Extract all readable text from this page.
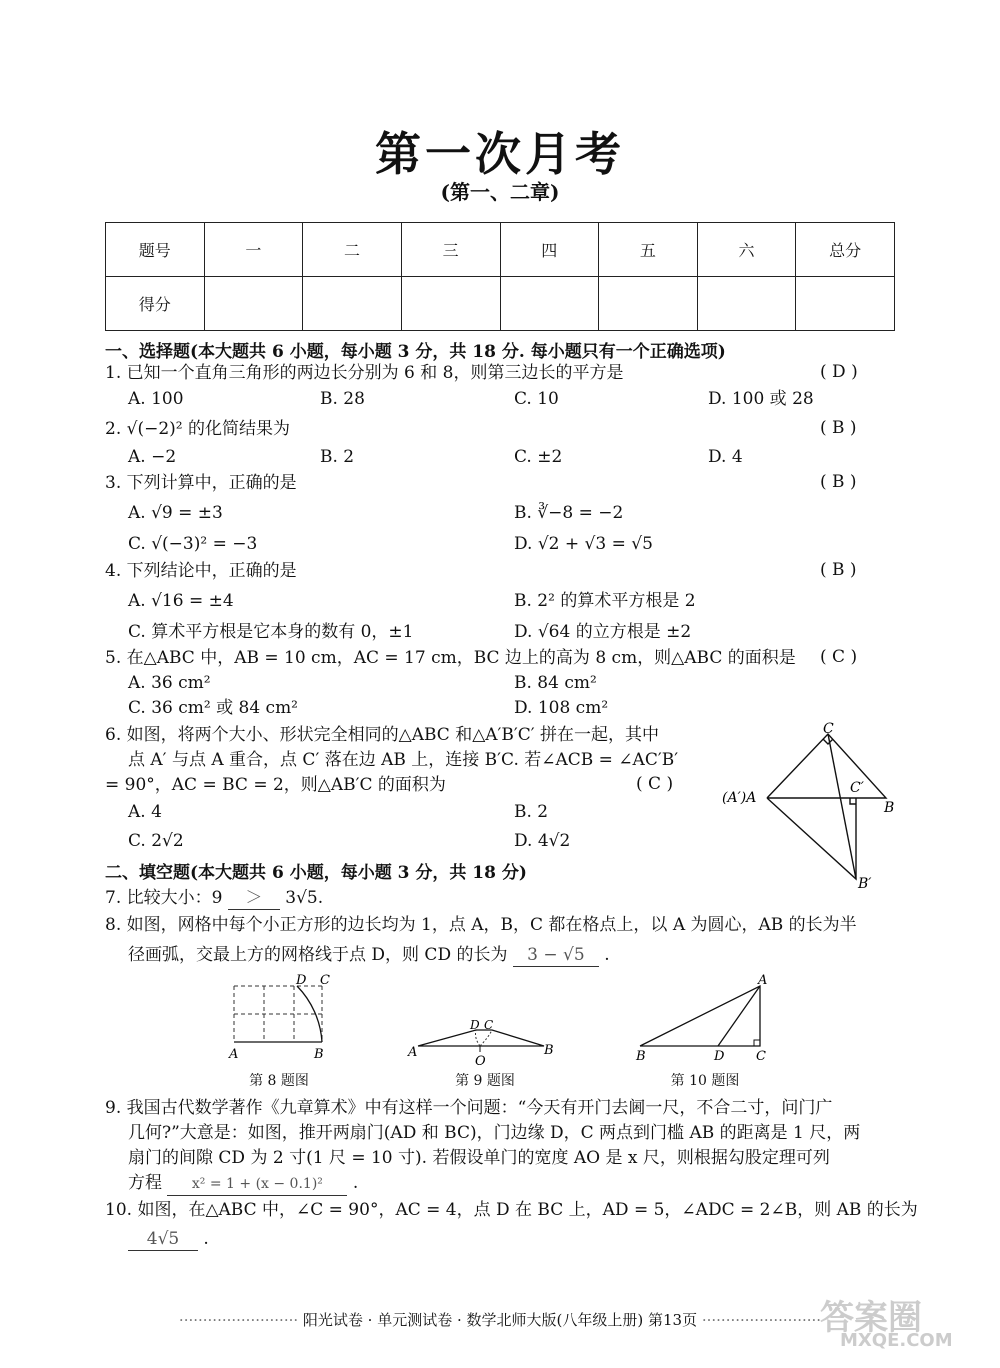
第一次月考
(第一、二章)
题号	一	二	三	四	五	六	总分
得分							
一、选择题(本大题共 6 小题，每小题 3 分，共 18 分. 每小题只有一个正确选项)
1. 已知一个直角三角形的两边长分别为 6 和 8，则第三边长的平方是	( D )
A. 100	B. 28	C. 10	D. 100 或 28
2. √(−2)² 的化简结果为	( B )
A. −2	B. 2	C. ±2	D. 4
3. 下列计算中，正确的是	( B )
A. √9 = ±3	B. ∛−8 = −2
C. √(−3)² = −3	D. √2 + √3 = √5
4. 下列结论中，正确的是	( B )
A. √16 = ±4	B. 2² 的算术平方根是 2
C. 算术平方根是它本身的数有 0，±1	D. √64 的立方根是 ±2
5. 在△ABC 中，AB = 10 cm，AC = 17 cm，BC 边上的高为 8 cm，则△ABC 的面积是 ( C )
A. 36 cm²	B. 84 cm²
C. 36 cm² 或 84 cm²	D. 108 cm²
6. 如图，将两个大小、形状完全相同的△ABC 和△A′B′C′ 拼在一起，其中
点 A′ 与点 A 重合，点 C′ 落在边 AB 上，连接 B′C. 若∠ACB = ∠AC′B′
= 90°，AC = BC = 2，则△AB′C 的面积为	( C )
A. 4	B. 2
C. 2√2	D. 4√2
C
(A′)A
C′
B
B′
二、填空题(本大题共 6 小题，每小题 3 分，共 18 分)
7. 比较大小：9 ＞ 3√5.
8. 如图，网格中每个小正方形的边长均为 1，点 A，B，C 都在格点上，以 A 为圆心，AB 的长为半
径画弧，交最上方的网格线于点 D，则 CD 的长为 3 − √5 .
A	B
D C
第 8 题图
A	B
O
D C
第 9 题图
A
B	D C
第 10 题图
9. 我国古代数学著作《九章算术》中有这样一个问题：“今天有开门去阃一尺，不合二寸，问门广
几何?”大意是：如图，推开两扇门(AD 和 BC)，门边缘 D，C 两点到门槛 AB 的距离是 1 尺，两
扇门的间隙 CD 为 2 寸(1 尺 = 10 寸). 若假设单门的宽度 AO 是 x 尺，则根据勾股定理可列
方程 x² = 1 + (x − 0.1)² .
10. 如图，在△ABC 中，∠C = 90°，AC = 4，点 D 在 BC 上，AD = 5，∠ADC = 2∠B，则 AB 的长为
4√5 .
························· 阳光试卷 · 单元测试卷 · 数学北师大版(八年级上册) 第13页 ·························
答案圈
MXQE.COM
